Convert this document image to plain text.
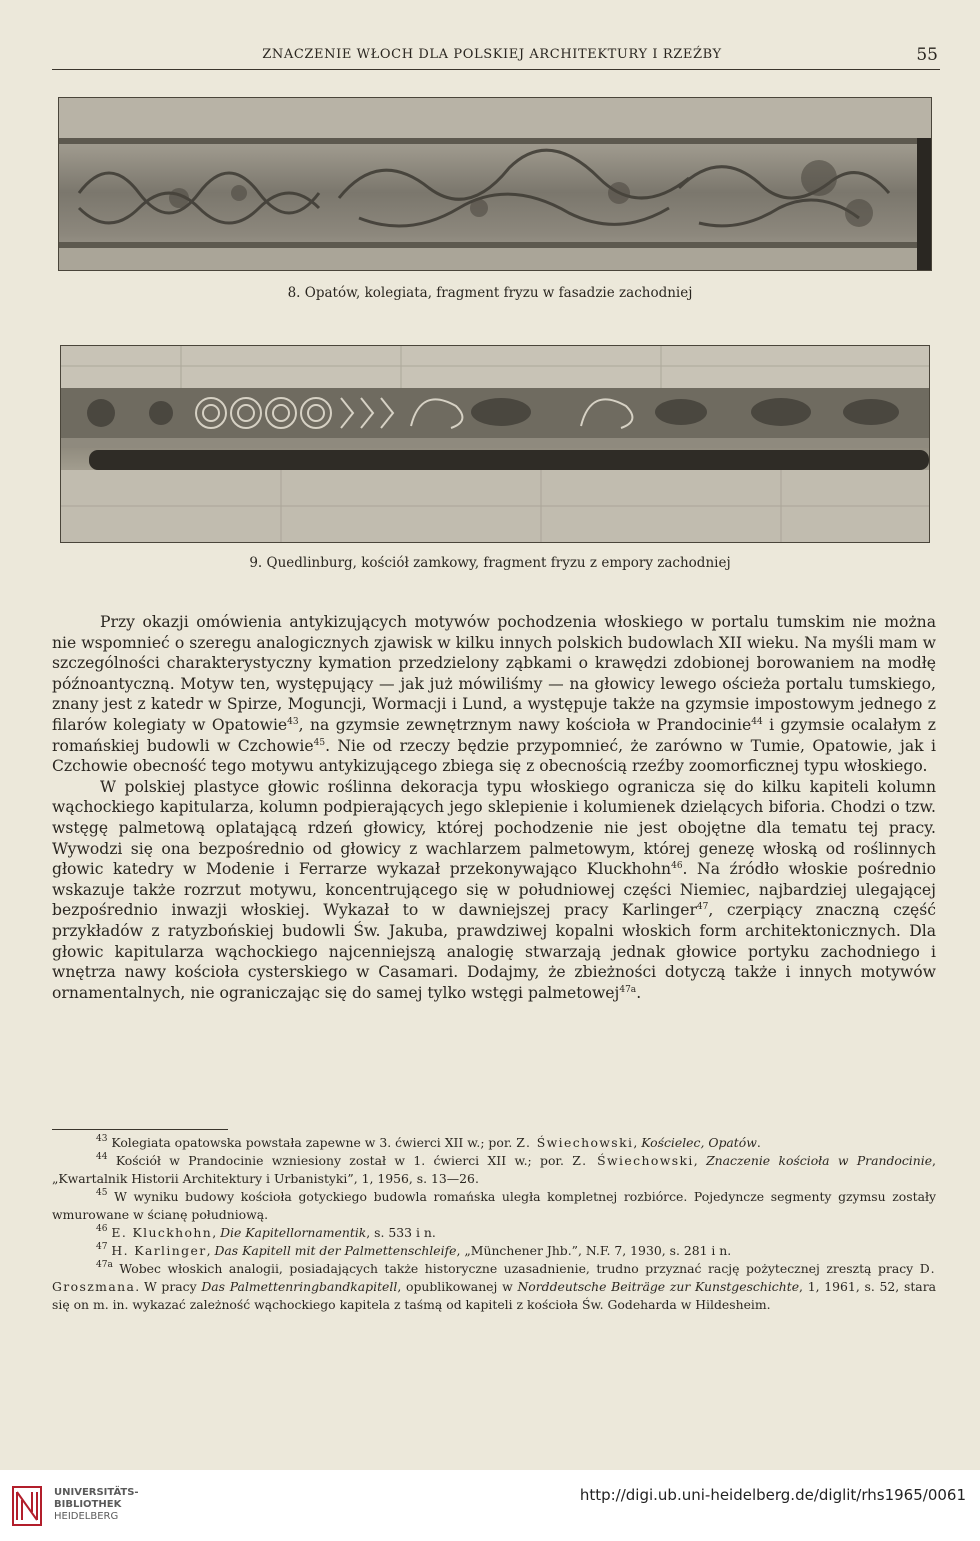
ZNACZENIE WŁOCH DLA POLSKIEJ ARCHITEKTURY I RZEŹBY	55
8. Opatów, kolegiata, fragment fryzu w fasadzie zachodniej
9. Quedlinburg, kościół zamkowy, fragment fryzu z empory zachodniej

Przy okazji omówienia antykizujących motywów pochodzenia włoskiego w portalu tumskim nie można nie wspomnieć o szeregu analogicznych zjawisk w kilku innych polskich budowlach XII wieku. Na myśli mam w szczególności charakterystyczny kymation przedzielony ząbkami o krawędzi zdobionej borowaniem na modłę późnoantyczną. Motyw ten, występujący — jak już mówiliśmy — na głowicy lewego ościeża portalu tumskiego, znany jest z katedr w Spirze, Moguncji, Wormacji i Lund, a występuje także na gzymsie impostowym jednego z filarów kolegiaty w Opatowie$^{43}$, na gzymsie zewnętrznym nawy kościoła w Prandocinie$^{44}$ i gzymsie ocalałym z romańskiej budowli w Czchowie$^{45}$. Nie od rzeczy będzie przypomnieć, że zarówno w Tumie, Opatowie, jak i Czchowie obecność tego motywu antykizującego zbiega się z obecnością rzeźby zoomorficznej typu włoskiego.

W polskiej plastyce głowic roślinna dekoracja typu włoskiego ogranicza się do kilku kapiteli kolumn wąchockiego kapitularza, kolumn podpierających jego sklepienie i kolumienek dzielących biforia. Chodzi o tzw. wstęgę palmetową oplatającą rdzeń głowicy, której pochodzenie nie jest obojętne dla tematu tej pracy. Wywodzi się ona bezpośrednio od głowicy z wachlarzem palmetowym, której genezę włoską od roślinnych głowic katedry w Modenie i Ferrarze wykazał przekonywająco Kluckhohn$^{46}$. Na źródło włoskie pośrednio wskazuje także rozrzut motywu, koncentrującego się w południowej części Niemiec, najbardziej ulegającej bezpośrednio inwazji włoskiej. Wykazał to w dawniejszej pracy Karlinger$^{47}$, czerpiący znaczną część przykładów z ratyzbońskiej budowli Św. Jakuba, prawdziwej kopalni włoskich form architektonicznych. Dla głowic kapitularza wąchockiego najcenniejszą analogię stwarzają jednak głowice portyku zachodniego i wnętrza nawy kościoła cysterskiego w Casamari. Dodajmy, że zbieżności dotyczą także i innych motywów ornamentalnych, nie ograniczając się do samej tylko wstęgi palmetowej$^{47a}$.

$^{43}$ Kolegiata opatowska powstała zapewne w 3. ćwierci XII w.; por. Z. Świechowski, Kościelec, Opatów.

$^{44}$ Kościół w Prandocinie wzniesiony został w 1. ćwierci XII w.; por. Z. Świechowski, Znaczenie kościoła w Prandocinie, „Kwartalnik Historii Architektury i Urbanistyki”, 1, 1956, s. 13—26.

$^{45}$ W wyniku budowy kościoła gotyckiego budowla romańska uległa kompletnej rozbiórce. Pojedyncze segmenty gzymsu zostały wmurowane w ścianę południową.

$^{46}$ E. Kluckhohn, Die Kapitellornamentik, s. 533 i n.

$^{47}$ H. Karlinger, Das Kapitell mit der Palmettenschleife, „Münchener Jhb.”, N.F. 7, 1930, s. 281 i n.

$^{47a}$ Wobec włoskich analogii, posiadających także historyczne uzasadnienie, trudno przyznać rację pożytecznej zresztą pracy D. Groszmana. W pracy Das Palmettenringbandkapitell, opublikowanej w Norddeutsche Beiträge zur Kunstgeschichte, 1, 1961, s. 52, stara się on m. in. wykazać zależność wąchockiego kapitela z taśmą od kapiteli z kościoła Św. Godeharda w Hildesheim.

UNIVERSITÄTS-
BIBLIOTHEK
HEIDELBERG
http://digi.ub.uni-heidelberg.de/diglit/rhs1965/0061
